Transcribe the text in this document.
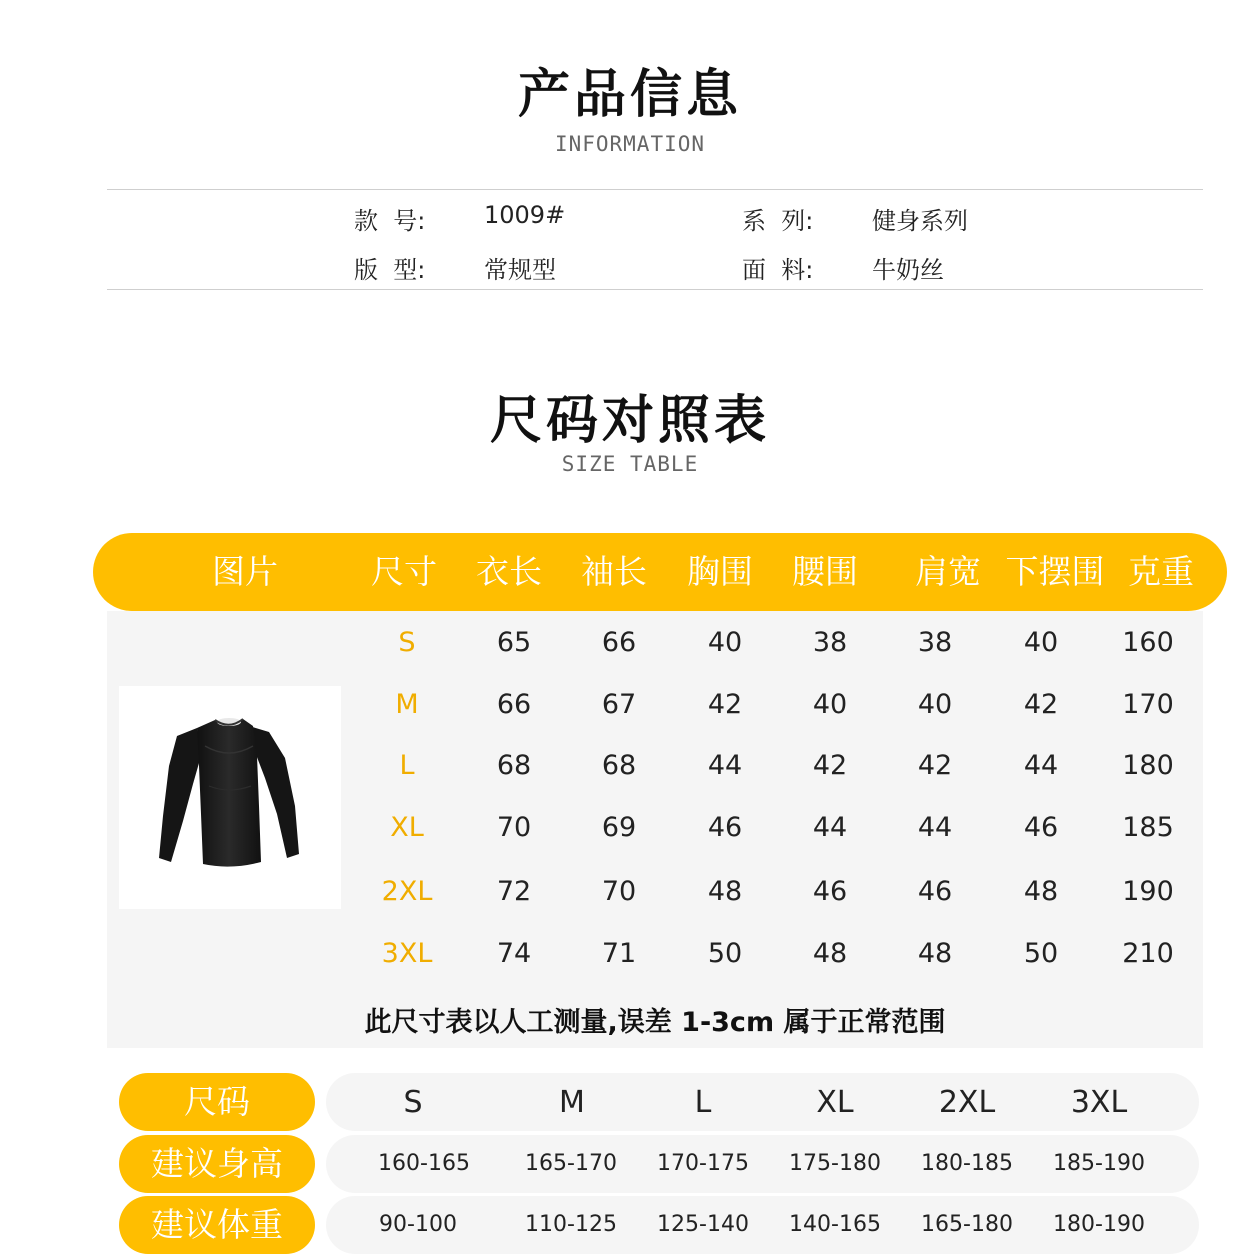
产品信息
INFORMATION
款  号: 1009#	系  列: 健身系列
版  型: 常规型	面  料: 牛奶丝
尺码对照表
SIZE TABLE
图片	尺寸 衣长 袖长 胸围 腰围 肩宽 下摆围 克重
S	65	66	40	38	38	40	160
M	66	67	42	40	40	42	170
L	68	68	44	42	42	44	180
XL	70	69	46	44	44	46	185
2XL	72	70	48	46	46	48	190
3XL	74	71	50	48	48	50	210
此尺寸表以人工测量,误差 1-3cm 属于正常范围
尺码	S	M	L	XL	2XL	3XL
建议身高	160-165	165-170	170-175	175-180	180-185	185-190
建议体重	90-100	110-125	125-140	140-165	165-180	180-190
